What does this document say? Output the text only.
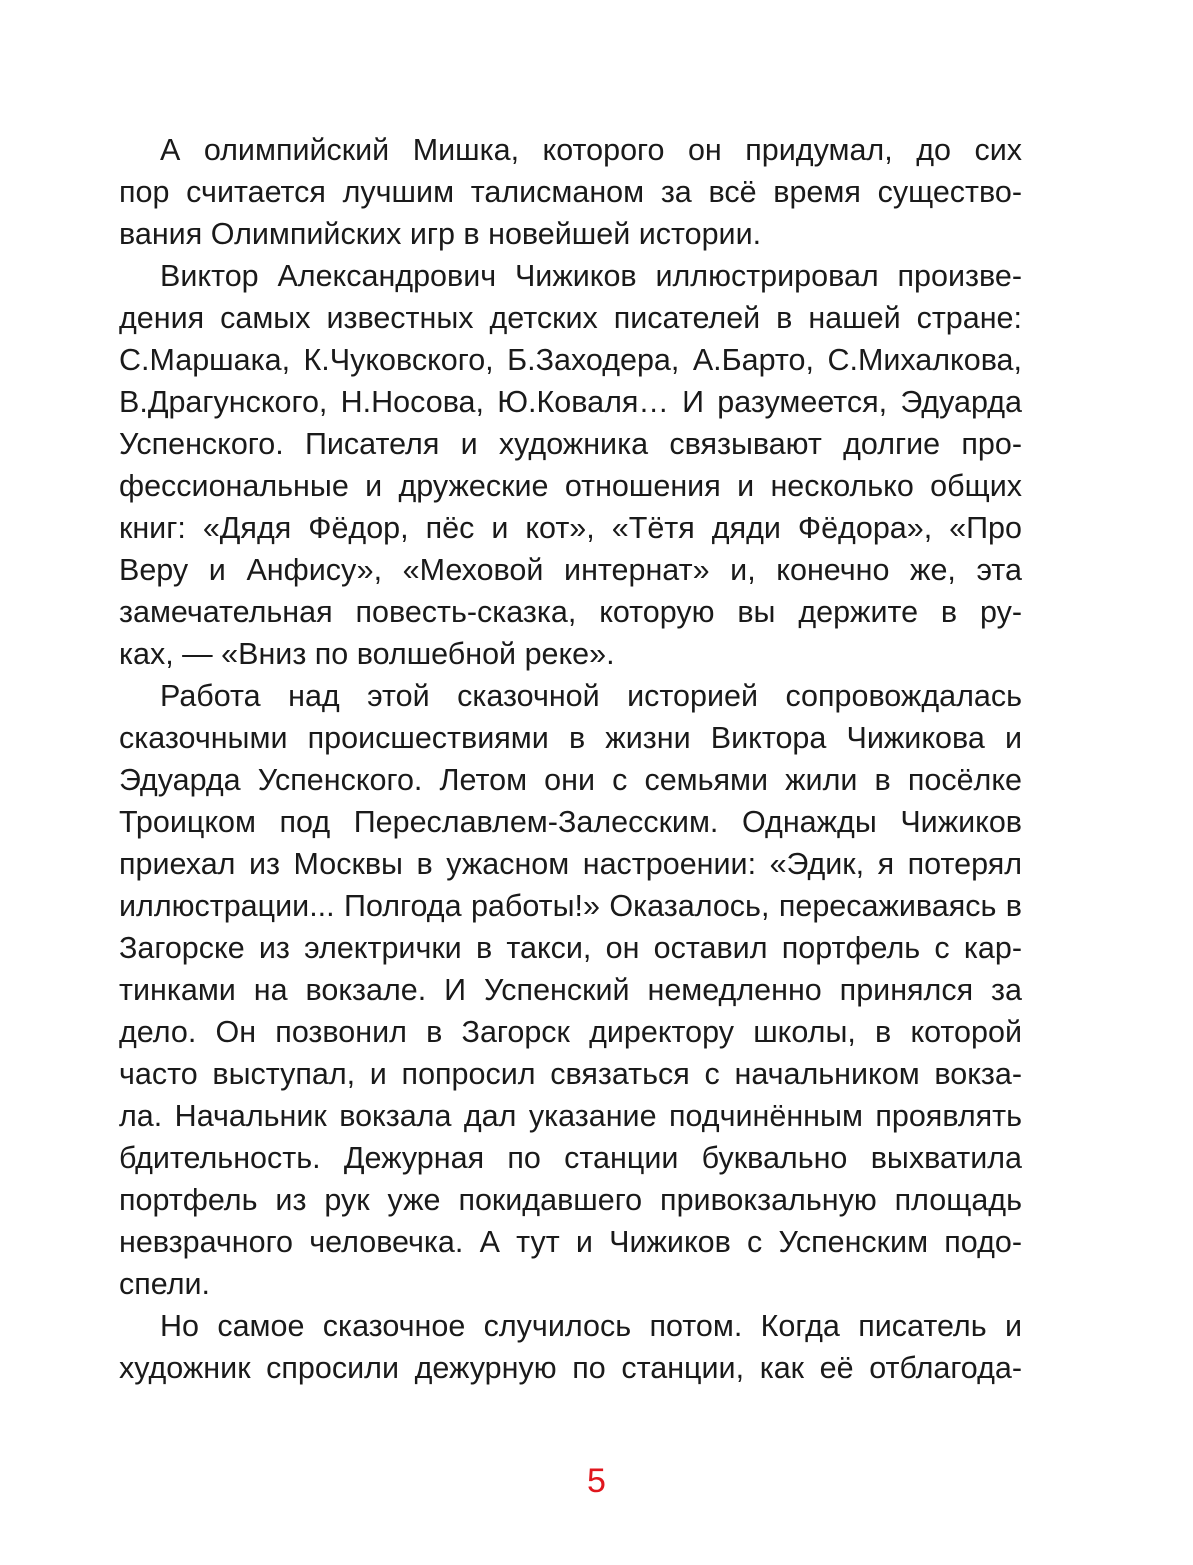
А олимпийский Мишка, которого он придумал, до сих
пор считается лучшим талисманом за всё время существо-
вания Олимпийских игр в новейшей истории.
Виктор Александрович Чижиков иллюстрировал произве-
дения самых известных детских писателей в нашей стране:
С.Маршака, К.Чуковского, Б.Заходера, А.Барто, С.Михалкова,
В.Драгунского, Н.Носова, Ю.Коваля… И разумеется, Эдуарда
Успенского. Писателя и художника связывают долгие про-
фессиональные и дружеские отношения и несколько общих
книг: «Дядя Фёдор, пёс и кот», «Тётя дяди Фёдора», «Про
Веру и Анфису», «Меховой интернат» и, конечно же, эта
замечательная повесть-сказка, которую вы держите в ру-
ках, — «Вниз по волшебной реке».
Работа над этой сказочной историей сопровождалась
сказочными происшествиями в жизни Виктора Чижикова и
Эдуарда Успенского. Летом они с семьями жили в посёлке
Троицком под Переславлем-Залесским. Однажды Чижиков
приехал из Москвы в ужасном настроении: «Эдик, я потерял
иллюстрации... Полгода работы!» Оказалось, пересаживаясь в
Загорске из электрички в такси, он оставил портфель с кар-
тинками на вокзале. И Успенский немедленно принялся за
дело. Он позвонил в Загорск директору школы, в которой
часто выступал, и попросил связаться с начальником вокза-
ла. Начальник вокзала дал указание подчинённым проявлять
бдительность. Дежурная по станции буквально выхватила
портфель из рук уже покидавшего привокзальную площадь
невзрачного человечка. А тут и Чижиков с Успенским подо-
спели.
Но самое сказочное случилось потом. Когда писатель и
художник спросили дежурную по станции, как её отблагода-
5
